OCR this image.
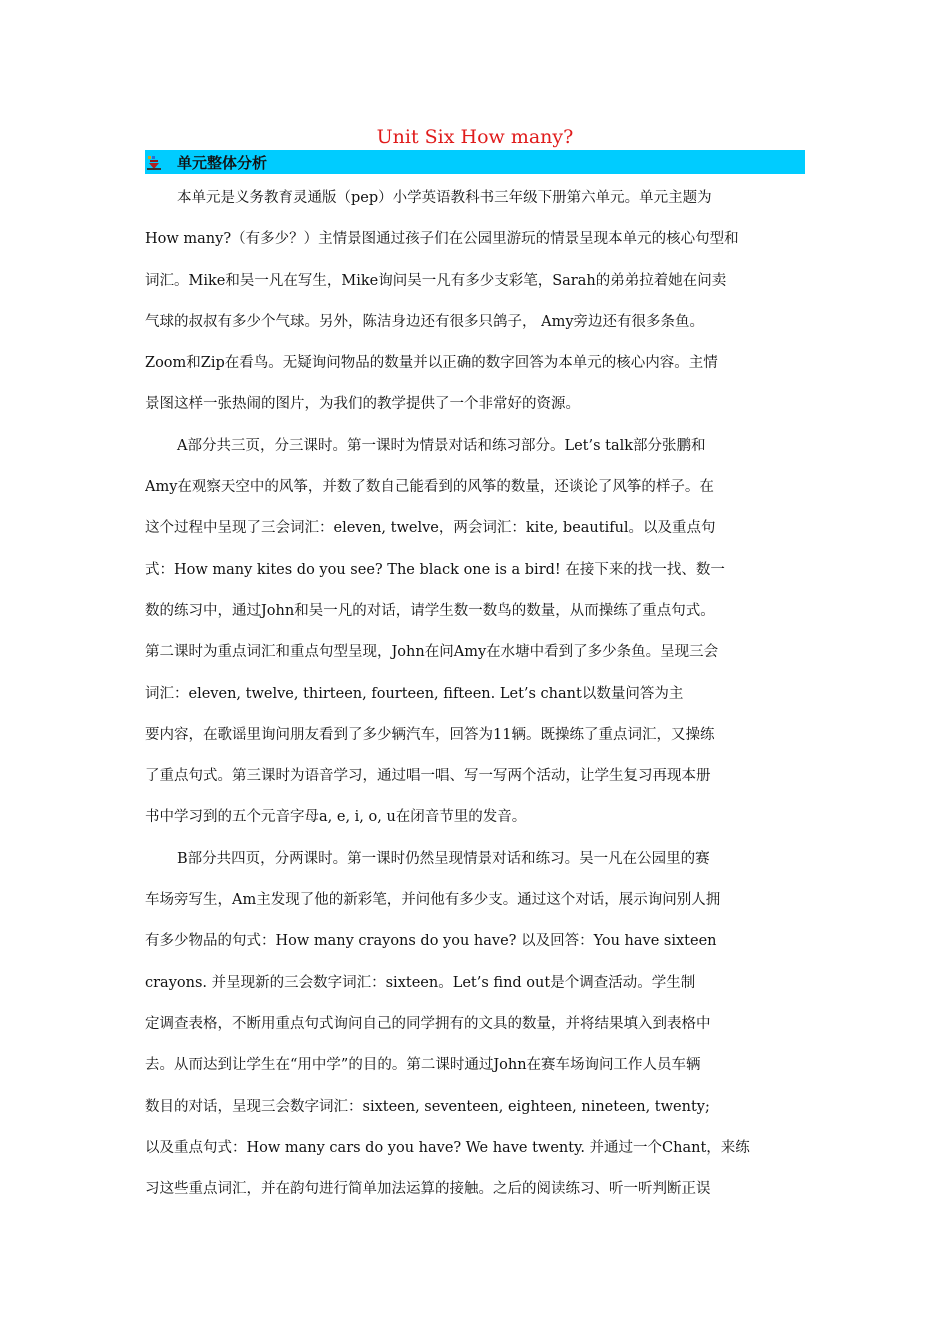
Unit Six How many?
单元整体分析
本单元是义务教育灵通版（pep）小学英语教科书三年级下册第六单元。单元主题为
How many?（有多少？）主情景图通过孩子们在公园里游玩的情景呈现本单元的核心句型和
词汇。Mike和吴一凡在写生，Mike询问吴一凡有多少支彩笔，Sarah的弟弟拉着她在问卖
气球的叔叔有多少个气球。另外，陈洁身边还有很多只鸽子， Amy旁边还有很多条鱼。
Zoom和Zip在看鸟。无疑询问物品的数量并以正确的数字回答为本单元的核心内容。主情
景图这样一张热闹的图片，为我们的教学提供了一个非常好的资源。
A部分共三页，分三课时。第一课时为情景对话和练习部分。Let’s talk部分张鹏和
Amy在观察天空中的风筝，并数了数自己能看到的风筝的数量，还谈论了风筝的样子。在
这个过程中呈现了三会词汇：eleven, twelve，两会词汇：kite, beautiful。以及重点句
式：How many kites do you see? The black one is a bird! 在接下来的找一找、数一
数的练习中，通过John和吴一凡的对话，请学生数一数鸟的数量，从而操练了重点句式。
第二课时为重点词汇和重点句型呈现，John在问Amy在水塘中看到了多少条鱼。呈现三会
词汇：eleven, twelve, thirteen, fourteen, fifteen. Let’s chant以数量问答为主
要内容，在歌谣里询问朋友看到了多少辆汽车，回答为11辆。既操练了重点词汇，又操练
了重点句式。第三课时为语音学习，通过唱一唱、写一写两个活动，让学生复习再现本册
书中学习到的五个元音字母a, e, i, o, u在闭音节里的发音。
B部分共四页，分两课时。第一课时仍然呈现情景对话和练习。吴一凡在公园里的赛
车场旁写生，Am主发现了他的新彩笔，并问他有多少支。通过这个对话，展示询问别人拥
有多少物品的句式：How many crayons do you have? 以及回答：You have sixteen
crayons. 并呈现新的三会数字词汇：sixteen。Let’s find out是个调查活动。学生制
定调查表格，不断用重点句式询问自己的同学拥有的文具的数量，并将结果填入到表格中
去。从而达到让学生在“用中学”的目的。第二课时通过John在赛车场询问工作人员车辆
数目的对话，呈现三会数字词汇：sixteen, seventeen, eighteen, nineteen, twenty;
以及重点句式：How many cars do you have? We have twenty. 并通过一个Chant，来练
习这些重点词汇，并在韵句进行简单加法运算的接触。之后的阅读练习、听一听判断正误
